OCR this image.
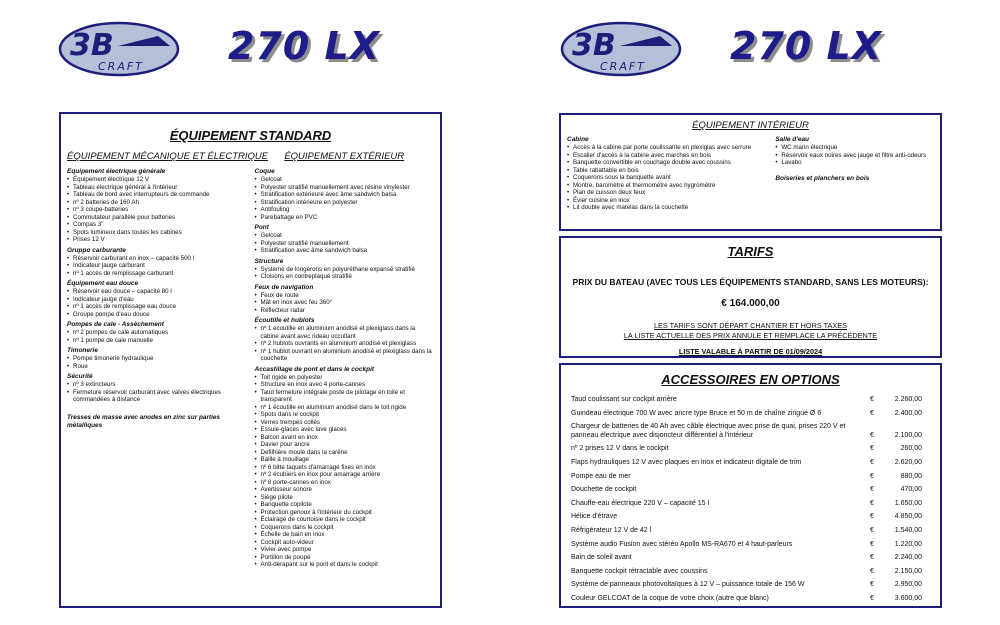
3B
CRAFT 270 LX	3B
CRAFT 270 LX
ÉQUIPEMENT STANDARD
ÉQUIPEMENT MÉCANIQUE ET ÉLECTRIQUE
Equipement électrique générale
• Équipement électrique 12 V
• Tableau électrique général à l'intérieur
• Tableau de bord avec interrupteurs de commande
• nº 2 batteries de 160 Ah
• nº 3 coupe-batteries
• Commutateur parallèle pour batteries
• Compas 3"
• Spots lumineux dans toutes les cabines
• Prises 12 V
Gruppo carburante
• Réservoir carburant en inox – capacité 500 l
• Indicateur jauge carburant
• nº 1 accès de remplissage carburant
Équipement eau douce
• Réservoir eau douce – capacité 80 l
• Indicateur jauge d'eau
• nº 1 accès de remplissage eau douce
• Groupe pompe d'eau douce
Pompes de cale - Assèchement
• nº 2 pompes de cale automatiques
• nº 1 pompe de cale manuelle
Timonerie
• Pompe timonerie hydraulique
• Roue
Sécurité
• nº 3 extincteurs
• Fermeture réservoir carburant avec valves électriques commandées à distance
Tresses de masse avec anodes en zinc sur parties métalliques
ÉQUIPEMENT EXTÉRIEUR
Coque
• Gelcoat
• Polyester stratifié manuellement avec résine vinylester
• Stratification extérieure avec âme sandwich balsa
• Stratification intérieure en polyester
• Antifouling
• Parebattage en PVC
Pont
• Gelcoat
• Polyester stratifié manuellement
• Stratification avec âme sandwich balsa
Structure
• Système de longerons en polyuréthane expansé stratifié
• Cloisons en contreplaqué stratifié
Feux de navigation
• Feux de route
• Mât en inox avec feu 360°
• Réflecteur radar
Écoutille et hublots
• nº 1 écoutille en aluminium anodisé et plexiglass dans la cabine avant avec rideau occultant
• nº 2 hublots ouvrants en aluminium anodisé et plexiglass
• nº 1 hublot ouvrant en aluminium anodisé et plexiglass dans la couchette
Accastillage de pont et dans le cockpit
• Toit rigide en polyester
• Structure en inox avec 4 porte-cannes
• Taud fermeture intégrale poste de pilotage en toile et transparent
• nº 1 écoutille en aluminium anodisé dans le toit rigide
• Spots dans le cockpit
• Verres trempés collés
• Essuie-glaces avec lave glaces
• Balcon avant en inox
• Davier pour ancre
• Defilhière moulé dans la carène
• Baille à mouillage
• nº 6 bitte taquets d'amarrage fixes en inox
• nº 2 écubiers en inox pour amarrage arrière
• nº 8 porte-cannes en inox
• Avertisseur sonore
• Siège pilote
• Banquette copilote
• Protection genoux à l'intérieur du cockpit
• Éclairage de courtoisie dans le cockpit
• Coquerons dans le cockpit
• Échelle de bain en inox
• Cockpit auto-videur
• Vivier avec pompe
• Portillon de poupe
• Anti-dérapant sur le pont et dans le cockpit
ÉQUIPEMENT INTÉRIEUR
Cabine
• Accès à la cabine par porte coulissante en plexiglas avec serrure
• Escalier d'accès à la cabine avec marches en bois
• Banquette convertible en couchage double avec coussins
• Table rabattable en bois
• Coquerons sous la banquette avant
• Montre, baromètre et thermomètre avec hygromètre
• Plan de cuisson deux feux
• Évier cuisine en inox
• Lit double avec matelas dans la couchette
Salle d'eau
• WC marin électrique
• Réservoir eaux noires avec jauge et filtre anti-odeurs
• Lavabo
Boiseries et planchers en bois
TARIFS
PRIX DU BATEAU (AVEC TOUS LES ÉQUIPEMENTS STANDARD, SANS LES MOTEURS):
€ 164.000,00
LES TARIFS SONT DÉPART CHANTIER ET HORS TAXES
LA LISTE ACTUELLE DES PRIX ANNULE ET REMPLACE LA PRÉCÉDENTE
LISTE VALABLE À PARTIR DE 01/09/2024
ACCESSOIRES EN OPTIONS
Taud coulissant sur cockpit arrière	€	2.260,00
Guindeau électrique 700 W avec ancre type Bruce et 50 m de chaîne zingué Ø 6	€	2.400,00
Chargeur de batteries de 40 Ah avec câble électrique avec prise de quai, prises 220 V et panneau électrique avec disjoncteur différentiel à l'intérieur	€	2.100,00
nº 2 prises 12 V dans le cockpit	€	260,00
Flaps hydrauliques 12 V avec plaques en inox et indicateur digitale de trim	€	2.620,00
Pompe eau de mer	€	880,00
Douchette de cockpit	€	470,00
Chauffe-eau électrique 220 V – capacité 15 l	€	1.650,00
Hélice d'étrave	€	4.850,00
Réfrigérateur 12 V de 42 l	€	1.540,00
Système audio Fusion avec stéréo Apollo MS-RA670 et 4 haut-parleurs	€	1.220,00
Bain de soleil avant	€	2.240,00
Banquette cockpit rétractable avec coussins	€	2.150,00
Système de panneaux photovoltaïques à 12 V – puissance totale de 156 W	€	2.950,00
Couleur GELCOAT de la coque de votre choix (autre que blanc)	€	3.600,00
